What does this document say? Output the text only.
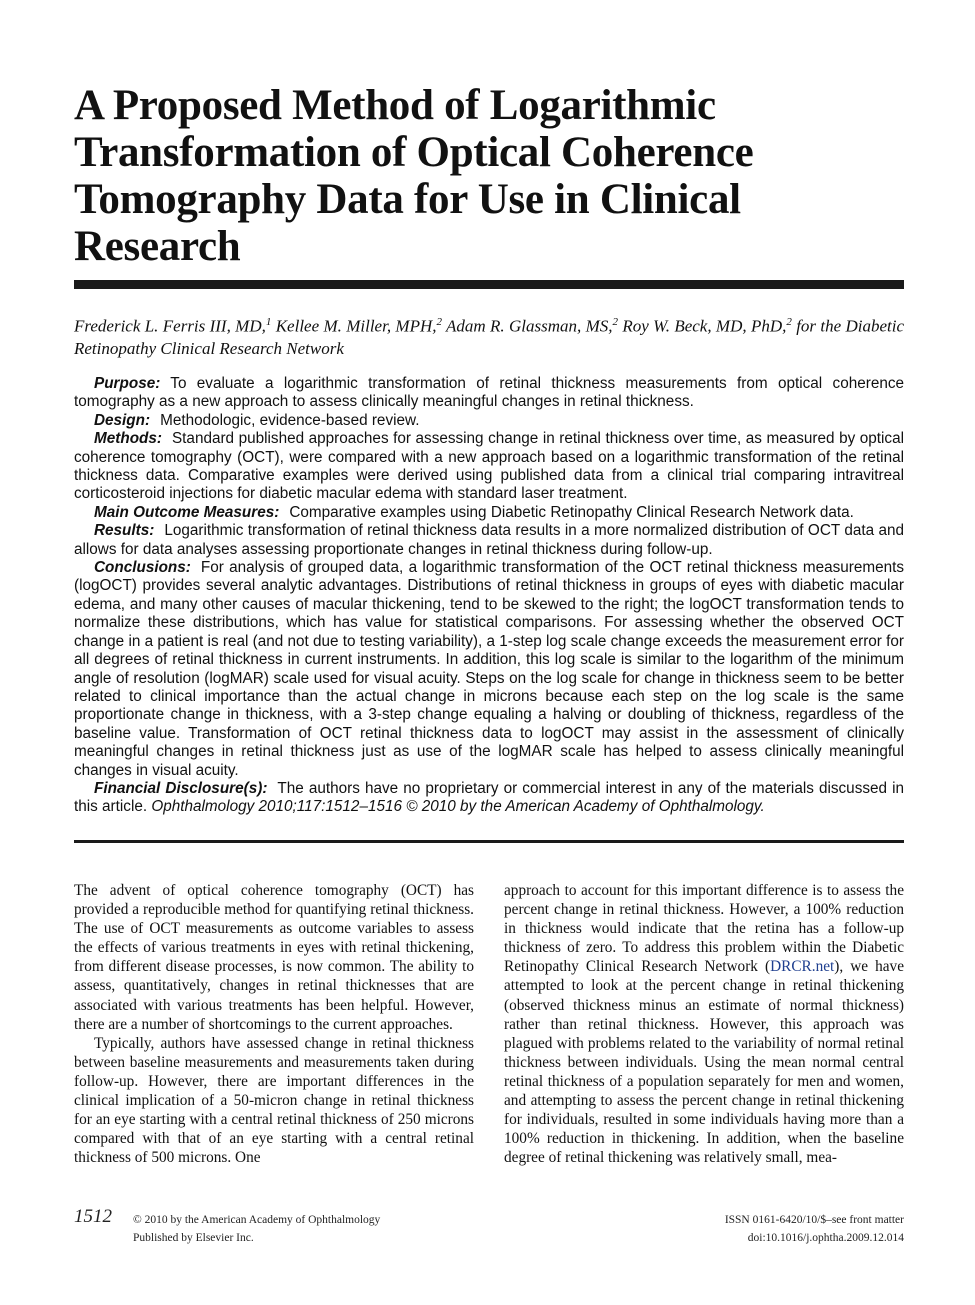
A Proposed Method of Logarithmic Transformation of Optical Coherence Tomography Data for Use in Clinical Research
Frederick L. Ferris III, MD,$^1$ Kellee M. Miller, MPH,$^2$ Adam R. Glassman, MS,$^2$ Roy W. Beck, MD, PhD,$^2$ for the Diabetic Retinopathy Clinical Research Network

Purpose: To evaluate a logarithmic transformation of retinal thickness measurements from optical coherence tomography as a new approach to assess clinically meaningful changes in retinal thickness.

Design: Methodologic, evidence-based review.

Methods: Standard published approaches for assessing change in retinal thickness over time, as measured by optical coherence tomography (OCT), were compared with a new approach based on a logarithmic transformation of the retinal thickness data. Comparative examples were derived using published data from a clinical trial comparing intravitreal corticosteroid injections for diabetic macular edema with standard laser treatment.

Main Outcome Measures: Comparative examples using Diabetic Retinopathy Clinical Research Network data.

Results: Logarithmic transformation of retinal thickness data results in a more normalized distribution of OCT data and allows for data analyses assessing proportionate changes in retinal thickness during follow-up.

Conclusions: For analysis of grouped data, a logarithmic transformation of the OCT retinal thickness measurements (logOCT) provides several analytic advantages. Distributions of retinal thickness in groups of eyes with diabetic macular edema, and many other causes of macular thickening, tend to be skewed to the right; the logOCT transformation tends to normalize these distributions, which has value for statistical comparisons. For assessing whether the observed OCT change in a patient is real (and not due to testing variability), a 1-step log scale change exceeds the measurement error for all degrees of retinal thickness in current instruments. In addition, this log scale is similar to the logarithm of the minimum angle of resolution (logMAR) scale used for visual acuity. Steps on the log scale for change in thickness seem to be better related to clinical importance than the actual change in microns because each step on the log scale is the same proportionate change in thickness, with a 3-step change equaling a halving or doubling of thickness, regardless of the baseline value. Transformation of OCT retinal thickness data to logOCT may assist in the assessment of clinically meaningful changes in retinal thickness just as use of the logMAR scale has helped to assess clinically meaningful changes in visual acuity.

Financial Disclosure(s): The authors have no proprietary or commercial interest in any of the materials discussed in this article. Ophthalmology 2010;117:1512–1516 © 2010 by the American Academy of Ophthalmology.

The advent of optical coherence tomography (OCT) has provided a reproducible method for quantifying retinal thickness. The use of OCT measurements as outcome variables to assess the effects of various treatments in eyes with retinal thickening, from different disease processes, is now common. The ability to assess, quantitatively, changes in retinal thicknesses that are associated with various treatments has been helpful. However, there are a number of shortcomings to the current approaches.

Typically, authors have assessed change in retinal thickness between baseline measurements and measurements taken during follow-up. However, there are important differences in the clinical implication of a 50-micron change in retinal thickness for an eye starting with a central retinal thickness of 250 microns compared with that of an eye starting with a central retinal thickness of 500 microns. One

approach to account for this important difference is to assess the percent change in retinal thickness. However, a 100% reduction in thickness would indicate that the retina has a follow-up thickness of zero. To address this problem within the Diabetic Retinopathy Clinical Research Network (DRCR.net), we have attempted to look at the percent change in retinal thickening (observed thickness minus an estimate of normal thickness) rather than retinal thickness. However, this approach was plagued with problems related to the variability of normal retinal thickness between individuals. Using the mean normal central retinal thickness of a population separately for men and women, and attempting to assess the percent change in retinal thickening for individuals, resulted in some individuals having more than a 100% reduction in thickening. In addition, when the baseline degree of retinal thickening was relatively small, mea-

1512 © 2010 by the American Academy of Ophthalmology
Published by Elsevier Inc.
ISSN 0161-6420/10/$–see front matter
doi:10.1016/j.ophtha.2009.12.014
